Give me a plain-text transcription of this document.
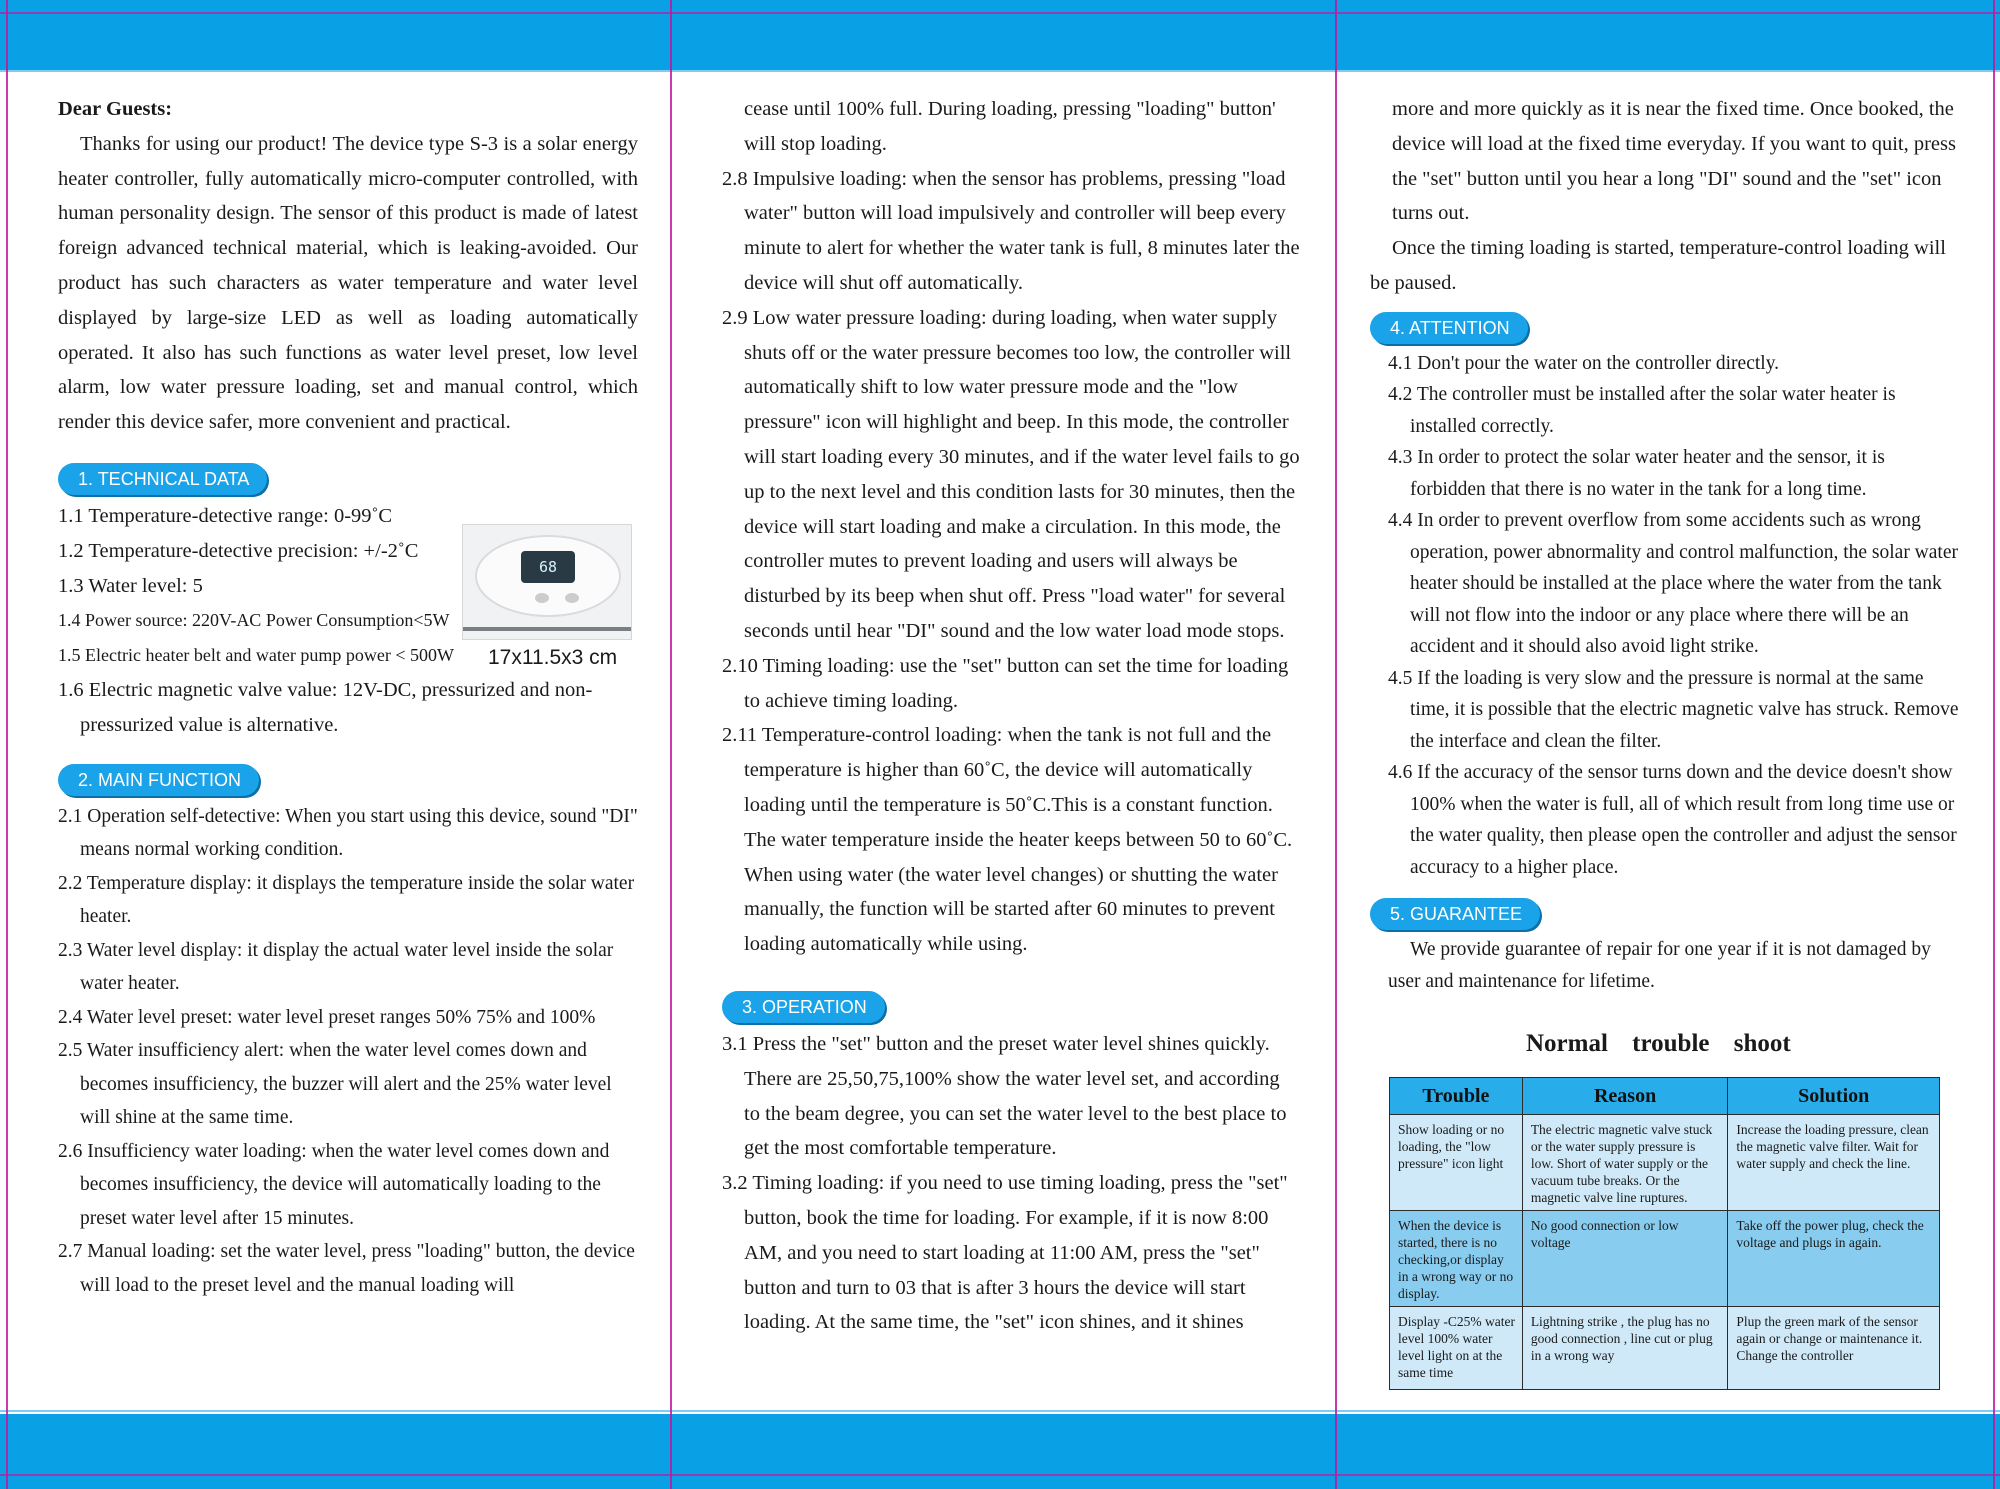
Dear Guests:

Thanks for using our product! The device type S-3 is a solar energy heater controller, fully automatically micro-computer controlled, with human personality design. The sensor of this product is made of latest foreign advanced technical material, which is leaking-avoided. Our product has such characters as water temperature and water level displayed by large-size LED as well as loading automatically operated. It also has such functions as water level preset, low level alarm, low water pressure loading, set and manual control, which render this device safer, more convenient and practical.

1. TECHNICAL DATA

1.1 Temperature-detective range: 0-99˚C

1.2 Temperature-detective precision: +/-2˚C

1.3 Water level: 5

1.4 Power source: 220V-AC Power Consumption<5W

1.5 Electric heater belt and water pump power < 500W

1.6 Electric magnetic valve value: 12V-DC, pressurized and non-pressurized value is alternative.

2. MAIN FUNCTION

2.1 Operation self-detective: When you start using this device, sound "DI" means normal working condition.

2.2 Temperature display: it displays the temperature inside the solar water heater.

2.3 Water level display: it display the actual water level inside the solar water heater.

2.4 Water level preset: water level preset ranges 50% 75% and 100%

2.5 Water insufficiency alert: when the water level comes down and becomes insufficiency, the buzzer will alert and the 25% water level will shine at the same time.

2.6 Insufficiency water loading: when the water level comes down and becomes insufficiency, the device will automatically loading to the preset water level after 15 minutes.

2.7 Manual loading: set the water level, press "loading" button, the device will load to the preset level and the manual loading will

68
17x11.5x3 cm

cease until 100% full. During loading, pressing "loading" button' will stop loading.

2.8 Impulsive loading: when the sensor has problems, pressing "load water" button will load impulsively and controller will beep every minute to alert for whether the water tank is full, 8 minutes later the device will shut off automatically.

2.9 Low water pressure loading: during loading, when water supply shuts off or the water pressure becomes too low, the controller will automatically shift to low water pressure mode and the "low pressure" icon will highlight and beep. In this mode, the controller will start loading every 30 minutes, and if the water level fails to go up to the next level and this condition lasts for 30 minutes, then the device will start loading and make a circulation. In this mode, the controller mutes to prevent loading and users will always be disturbed by its beep when shut off. Press "load water" for several seconds until hear "DI" sound and the low water load mode stops.

2.10 Timing loading: use the "set" button can set the time for loading to achieve timing loading.

2.11 Temperature-control loading: when the tank is not full and the temperature is higher than 60˚C, the device will automatically loading until the temperature is 50˚C.This is a constant function. The water temperature inside the heater keeps between 50 to 60˚C. When using water (the water level changes) or shutting the water manually, the function will be started after 60 minutes to prevent loading automatically while using.

3. OPERATION

3.1 Press the "set" button and the preset water level shines quickly. There are 25,50,75,100% show the water level set, and according to the beam degree, you can set the water level to the best place to get the most comfortable temperature.

3.2 Timing loading: if you need to use timing loading, press the "set" button, book the time for loading. For example, if it is now 8:00 AM, and you need to start loading at 11:00 AM, press the "set" button and turn to 03 that is after 3 hours the device will start loading. At the same time, the "set" icon shines, and it shines

more and more quickly as it is near the fixed time. Once booked, the device will load at the fixed time everyday. If you want to quit, press the "set" button until you hear a long "DI" sound and the "set" icon turns out.

Once the timing loading is started, temperature-control loading will be paused.

4. ATTENTION

4.1 Don't pour the water on the controller directly.

4.2 The controller must be installed after the solar water heater is installed correctly.

4.3 In order to protect the solar water heater and the sensor, it is forbidden that there is no water in the tank for a long time.

4.4 In order to prevent overflow from some accidents such as wrong operation, power abnormality and control malfunction, the solar water heater should be installed at the place where the water from the tank will not flow into the indoor or any place where there will be an accident and it should also avoid light strike.

4.5 If the loading is very slow and the pressure is normal at the same time, it is possible that the electric magnetic valve has struck. Remove the interface and clean the filter.

4.6 If the accuracy of the sensor turns down and the device doesn't show 100% when the water is full, all of which result from long time use or the water quality, then please open the controller and adjust the sensor accuracy to a higher place.

5. GUARANTEE

We provide guarantee of repair for one year if it is not damaged by user and maintenance for lifetime.

Normal trouble shoot
Trouble	Reason	Solution
Show loading or no loading, the "low pressure" icon light	The electric magnetic valve stuck or the water supply pressure is low. Short of water supply or the vacuum tube breaks. Or the magnetic valve line ruptures.	Increase the loading pressure, clean the magnetic valve filter. Wait for water supply and check the line.
When the device is started, there is no checking,or display in a wrong way or no display.	No good connection or low voltage	Take off the power plug, check the voltage and plugs in again.
Display -C25% water level 100% water level light on at the same time	Lightning strike , the plug has no good connection , line cut or plug in a wrong way	Plup the green mark of the sensor again or change or maintenance it. Change the controller
